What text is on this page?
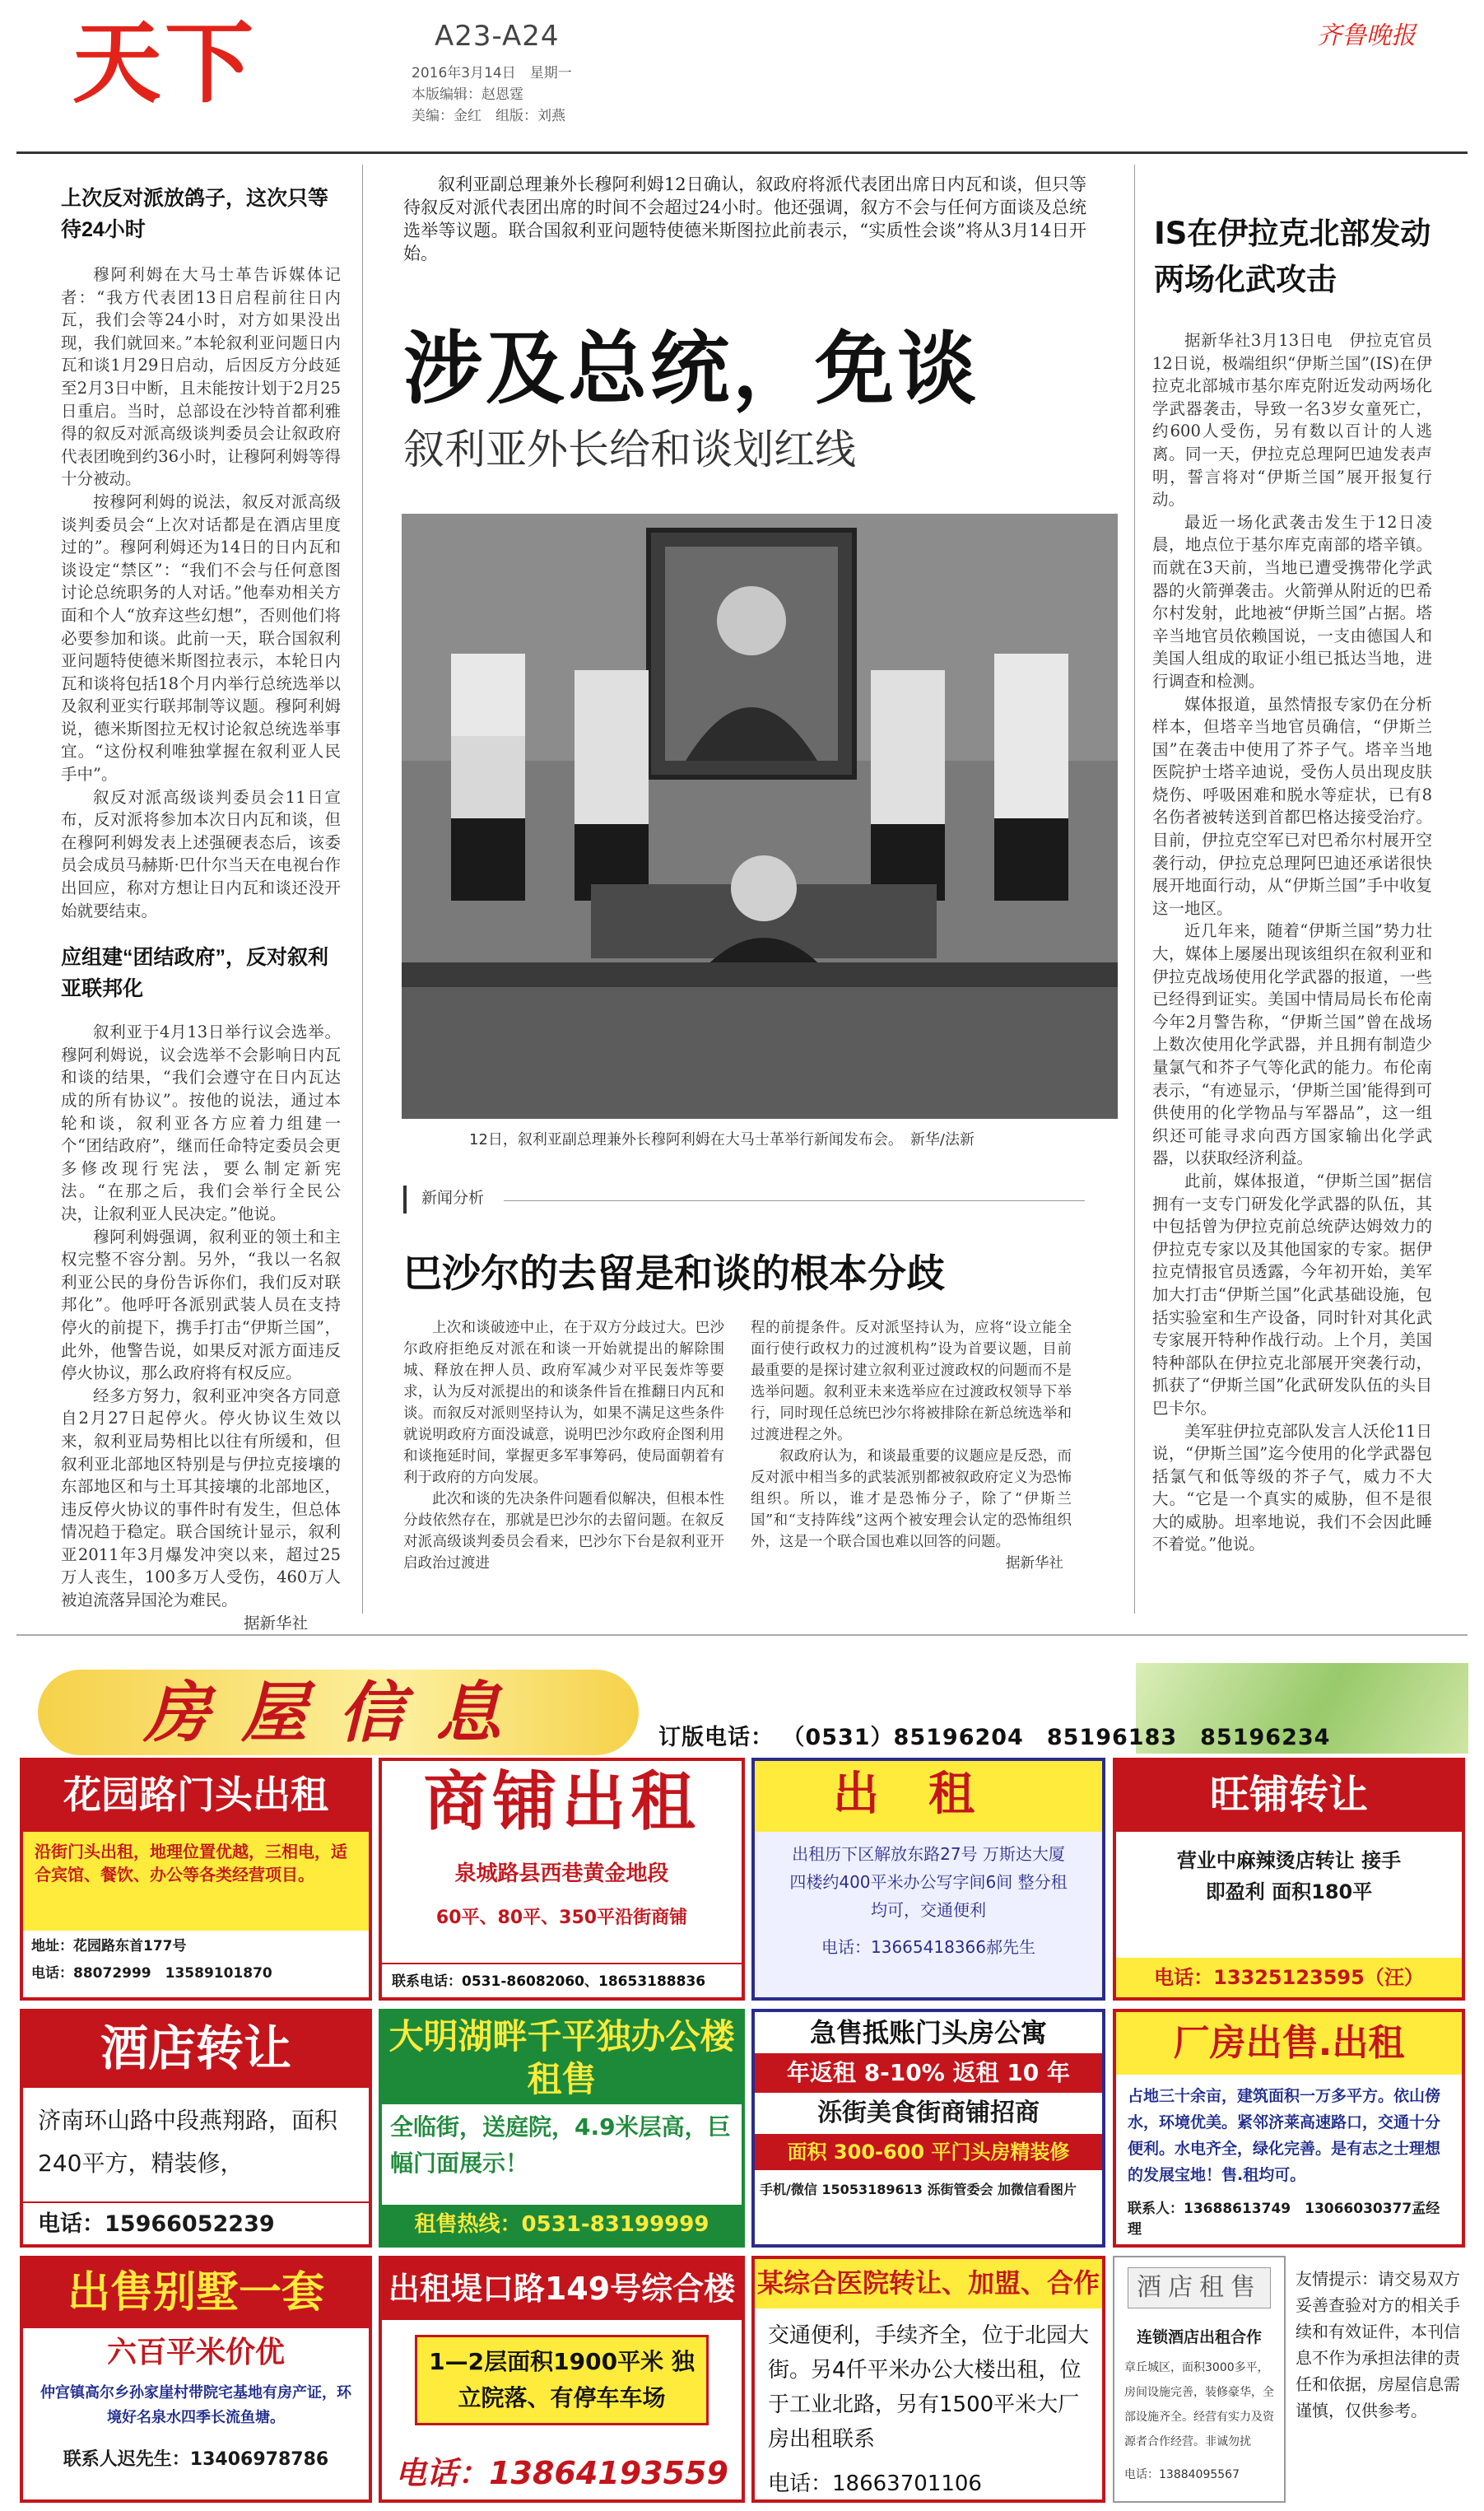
天下	A23-A24
2016年3月14日　星期一
本版编辑：赵恩霆
美编：金红　组版：刘燕
齐鲁晚报
上次反对派放鸽子，这次只等待24小时
穆阿利姆在大马士革告诉媒体记者：“我方代表团13日启程前往日内瓦，我们会等24小时，对方如果没出现，我们就回来。”本轮叙利亚问题日内瓦和谈1月29日启动，后因反方分歧延至2月3日中断，且未能按计划于2月25日重启。当时，总部设在沙特首都利雅得的叙反对派高级谈判委员会让叙政府代表团晚到约36小时，让穆阿利姆等得十分被动。
按穆阿利姆的说法，叙反对派高级谈判委员会“上次对话都是在酒店里度过的”。穆阿利姆还为14日的日内瓦和谈设定“禁区”：“我们不会与任何意图讨论总统职务的人对话。”他奉劝相关方面和个人“放弃这些幻想”，否则他们将必要参加和谈。此前一天，联合国叙利亚问题特使德米斯图拉表示，本轮日内瓦和谈将包括18个月内举行总统选举以及叙利亚实行联邦制等议题。穆阿利姆说，德米斯图拉无权讨论叙总统选举事宜。“这份权利唯独掌握在叙利亚人民手中”。
叙反对派高级谈判委员会11日宣布，反对派将参加本次日内瓦和谈，但在穆阿利姆发表上述强硬表态后，该委员会成员马赫斯·巴什尔当天在电视台作出回应，称对方想让日内瓦和谈还没开始就要结束。
应组建“团结政府”，反对叙利亚联邦化
叙利亚于4月13日举行议会选举。穆阿利姆说，议会选举不会影响日内瓦和谈的结果，“我们会遵守在日内瓦达成的所有协议”。按他的说法，通过本轮和谈，叙利亚各方应着力组建一个“团结政府”，继而任命特定委员会更多修改现行宪法，要么制定新宪法。“在那之后，我们会举行全民公决，让叙利亚人民决定。”他说。
穆阿利姆强调，叙利亚的领土和主权完整不容分割。另外，“我以一名叙利亚公民的身份告诉你们，我们反对联邦化”。他呼吁各派别武装人员在支持停火的前提下，携手打击“伊斯兰国”，此外，他警告说，如果反对派方面违反停火协议，那么政府将有权反应。
经多方努力，叙利亚冲突各方同意自2月27日起停火。停火协议生效以来，叙利亚局势相比以往有所缓和，但叙利亚北部地区特别是与伊拉克接壤的东部地区和与土耳其接壤的北部地区，违反停火协议的事件时有发生，但总体情况趋于稳定。联合国统计显示，叙利亚2011年3月爆发冲突以来，超过25万人丧生，100多万人受伤，460万人被迫流落异国沦为难民。
据新华社
叙利亚副总理兼外长穆阿利姆12日确认，叙政府将派代表团出席日内瓦和谈，但只等待叙反对派代表团出席的时间不会超过24小时。他还强调，叙方不会与任何方面谈及总统选举等议题。联合国叙利亚问题特使德米斯图拉此前表示，“实质性会谈”将从3月14日开始。
涉及总统，免谈
叙利亚外长给和谈划红线
12日，叙利亚副总理兼外长穆阿利姆在大马士革举行新闻发布会。　新华/法新
新闻分析
巴沙尔的去留是和谈的根本分歧
上次和谈破迹中止，在于双方分歧过大。巴沙尔政府拒绝反对派在和谈一开始就提出的解除围城、释放在押人员、政府军减少对平民轰炸等要求，认为反对派提出的和谈条件旨在推翻日内瓦和谈。而叙反对派则坚持认为，如果不满足这些条件就说明政府方面没诚意，说明巴沙尔政府企图利用和谈拖延时间，掌握更多军事筹码，使局面朝着有利于政府的方向发展。
此次和谈的先决条件问题看似解决，但根本性分歧依然存在，那就是巴沙尔的去留问题。在叙反对派高级谈判委员会看来，巴沙尔下台是叙利亚开启政治过渡进
程的前提条件。反对派坚持认为，应将“设立能全面行使行政权力的过渡机构”设为首要议题，目前最重要的是探讨建立叙利亚过渡政权的问题而不是选举问题。叙利亚未来选举应在过渡政权领导下举行，同时现任总统巴沙尔将被排除在新总统选举和过渡进程之外。
叙政府认为，和谈最重要的议题应是反恐，而反对派中相当多的武装派别都被叙政府定义为恐怖组织。所以，谁才是恐怖分子，除了“伊斯兰国”和“支持阵线”这两个被安理会认定的恐怖组织外，这是一个联合国也难以回答的问题。
据新华社
IS在伊拉克北部发动两场化武攻击
据新华社3月13日电　伊拉克官员12日说，极端组织“伊斯兰国”(IS)在伊拉克北部城市基尔库克附近发动两场化学武器袭击，导致一名3岁女童死亡，约600人受伤，另有数以百计的人逃离。同一天，伊拉克总理阿巴迪发表声明，誓言将对“伊斯兰国”展开报复行动。
最近一场化武袭击发生于12日凌晨，地点位于基尔库克南部的塔辛镇。而就在3天前，当地已遭受携带化学武器的火箭弹袭击。火箭弹从附近的巴希尔村发射，此地被“伊斯兰国”占据。塔辛当地官员依赖国说，一支由德国人和美国人组成的取证小组已抵达当地，进行调查和检测。
媒体报道，虽然情报专家仍在分析样本，但塔辛当地官员确信，“伊斯兰国”在袭击中使用了芥子气。塔辛当地医院护士塔辛迪说，受伤人员出现皮肤烧伤、呼吸困难和脱水等症状，已有8名伤者被转送到首都巴格达接受治疗。目前，伊拉克空军已对巴希尔村展开空袭行动，伊拉克总理阿巴迪还承诺很快展开地面行动，从“伊斯兰国”手中收复这一地区。
近几年来，随着“伊斯兰国”势力壮大，媒体上屡屡出现该组织在叙利亚和伊拉克战场使用化学武器的报道，一些已经得到证实。美国中情局局长布伦南今年2月警告称，“伊斯兰国”曾在战场上数次使用化学武器，并且拥有制造少量氯气和芥子气等化武的能力。布伦南表示，“有迹显示，‘伊斯兰国’能得到可供使用的化学物品与军器品”，这一组织还可能寻求向西方国家输出化学武器，以获取经济利益。
此前，媒体报道，“伊斯兰国”据信拥有一支专门研发化学武器的队伍，其中包括曾为伊拉克前总统萨达姆效力的伊拉克专家以及其他国家的专家。据伊拉克情报官员透露，今年初开始，美军加大打击“伊斯兰国”化武基础设施，包括实验室和生产设备，同时针对其化武专家展开特种作战行动。上个月，美国特种部队在伊拉克北部展开突袭行动，抓获了“伊斯兰国”化武研发队伍的头目巴卡尔。
美军驻伊拉克部队发言人沃伦11日说，“伊斯兰国”迄今使用的化学武器包括氯气和低等级的芥子气，威力不大大。“它是一个真实的威胁，但不是很大的威胁。坦率地说，我们不会因此睡不着觉。”他说。
房屋信息	订版电话： （0531）85196204　85196183　85196234
花园路门头出租
沿街门头出租，地理位置优越，三相电，适合宾馆、餐饮、办公等各类经营项目。
地址：花园路东首177号
电话：88072999　13589101870
商铺出租
泉城路县西巷黄金地段
60平、80平、350平沿街商铺
联系电话：0531-86082060、18653188836
出租
出租历下区解放东路27号 万斯达大厦 四楼约400平米办公写字间6间 整分租均可，交通便利
电话：13665418366郝先生
旺铺转让
营业中麻辣烫店转让 接手即盈利 面积180平
电话：13325123595（汪）
酒店转让
济南环山路中段燕翔路，面积240平方，精装修，
电话：15966052239
大明湖畔千平独办公楼租售
全临街，送庭院，4.9米层高，巨幅门面展示！
租售热线：0531-83199999
急售抵账门头房公寓
年返租 8-10% 返租 10 年
泺街美食街商铺招商
面积 300-600 平门头房精装修
手机/微信 15053189613 泺街管委会 加微信看图片
厂房出售.出租
占地三十余亩，建筑面积一万多平方。依山傍水，环境优美。紧邻济莱高速路口，交通十分便利。水电齐全，绿化完善。是有志之士理想的发展宝地！售.租均可。
联系人：13688613749　13066030377孟经理
出售别墅一套
六百平米价优
仲宫镇高尔乡孙家崖村带院宅基地有房产证，环境好名泉水四季长流鱼塘。
联系人迟先生：13406978786
出租堤口路149号综合楼
1—2层面积1900平米 独立院落、有停车车场
电话：13864193559
某综合医院转让、加盟、合作
交通便利，手续齐全，位于北园大街。另4仟平米办公大楼出租，位于工业北路，另有1500平米大厂房出租联系
电话：18663701106
酒店租售
连锁酒店出租合作
章丘城区，面积3000多平，房间设施完善，装修豪华，全部设施齐全。经营有实力及资源者合作经营。非诚勿扰
电话：13884095567
友情提示：请交易双方妥善查验对方的相关手续和有效证件，本刊信息不作为承担法律的责任和依据，房屋信息需谨慎，仅供参考。
